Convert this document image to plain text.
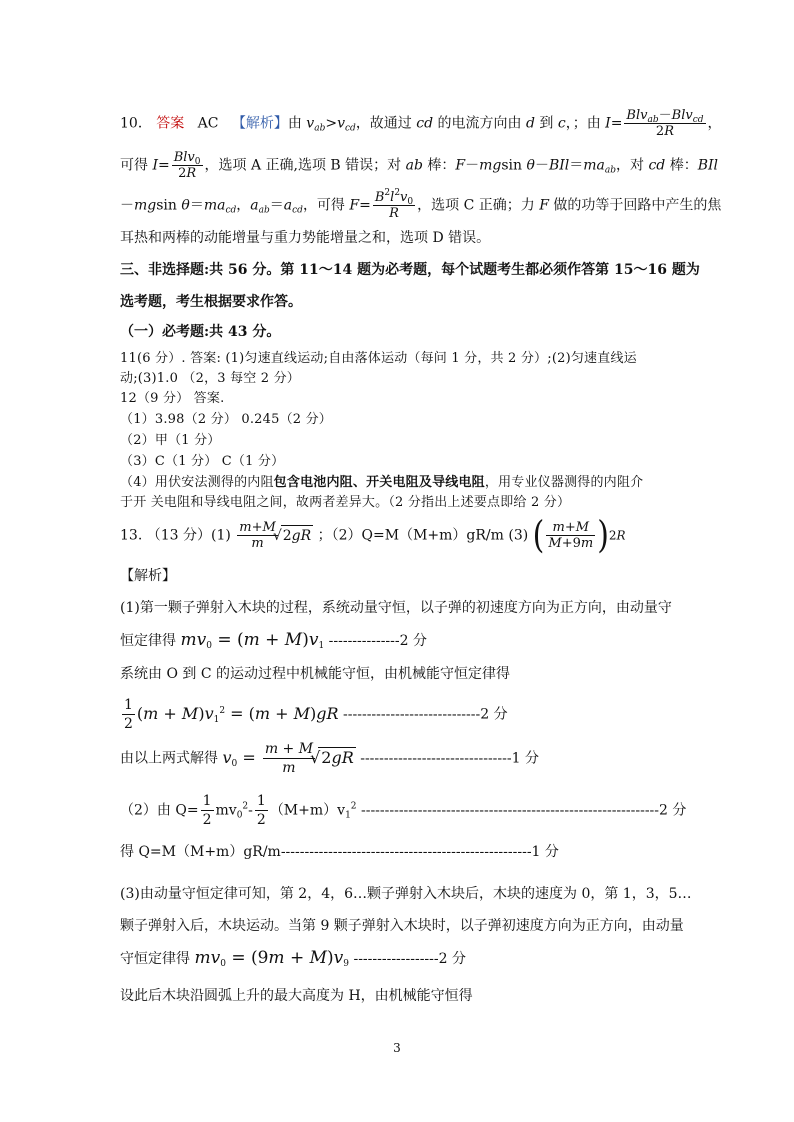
10． 答案 AC 【解析】由 $v_{ab}>v_{cd}$，故通过 cd 的电流方向由 d 到 c，；由 $I= \frac{Blv_{ab}-Blv_{cd}}{2R}$ ，
可得 $I= \frac{Blv_0}{2R}$ ，选项 A 正确,选项 B 错误；对 ab 棒：F－mgsin $\theta-BIl=ma_{ab}$，对 cd 棒：BIl
－mgsin $\theta=ma_{cd}$，$a_{ab}=a_{cd}$，可得 $F= \frac{B^2l^2v_0}{R}$ ，选项 C 正确；力 F 做的功等于回路中产生的焦
耳热和两棒的动能增量与重力势能增量之和，选项 D 错误。
三、非选择题:共 56 分。第 11～14 题为必考题，每个试题考生都必须作答第 15～16 题为
选考题，考生根据要求作答。
（一）必考题:共 43 分。
11(6 分）. 答案: (1)匀速直线运动;自由落体运动（每问 1 分，共 2 分）;(2)匀速直线运
动;(3)1.0 （2，3 每空 2 分）
12（9 分） 答案.
（1）3.98（2 分） 0.245（2 分）
（2）甲（1 分）
（3）C（1 分） C（1 分）
（4）用伏安法测得的内阻包含电池内阻、开关电阻及导线电阻，用专业仪器测得的内阻介
于开 关电阻和导线电阻之间，故两者差异大。（2 分指出上述要点即给 2 分）
13. （13 分）$(1) \frac{m+M}{m}$ √ 2gR ；（2）Q=M（M+m）gR/m (3) ( $\frac{m+M}{M+9m} )2R$
【解析】
(1)第一颗子弹射入木块的过程，系统动量守恒，以子弹的初速度方向为正方向，由动量守
恒定律得 $mv_0 = (m + M)v_1$ ---------------2 分
系统由 O 到 C 的运动过程中机械能守恒，由机械能守恒定律得
$\frac{1}{2} (m + M)v_1^2 = (m + M)gR$ -----------------------------2 分
由以上两式解得 $v_0 = \frac{m + M}{m}$ √ 2gR --------------------------------1 分
（2）由 $Q= \frac{1}{2} mv_0^2- \frac{1}{2} (M+m)v_1^2$ ---------------------------------------------------------------2 分
得 Q=M（M+m）gR/m-----------------------------------------------------1 分
(3)由动量守恒定律可知，第 2，4，6…颗子弹射入木块后，木块的速度为 0，第 1，3，5…
颗子弹射入后，木块运动。当第 9 颗子弹射入木块时，以子弹初速度方向为正方向，由动量
守恒定律得 $mv_0 = (9m + M)v_9$ ------------------2 分
设此后木块沿圆弧上升的最大高度为 H，由机械能守恒得
3
